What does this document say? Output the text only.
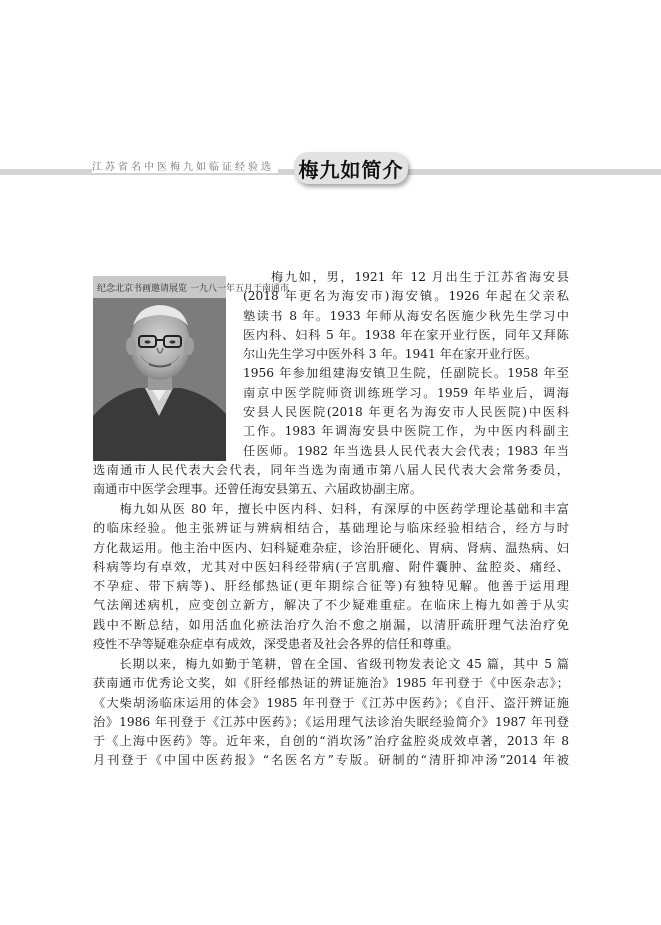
江苏省名中医梅九如临证经验选 梅九如简介
纪念北京书画邀请展览 一九八一年五月于南通市
　　梅九如，男，1921 年 12 月出生于江苏省海安县
(2018 年更名为海安市)海安镇。1926 年起在父亲私
塾读书 8 年。1933 年师从海安名医施少秋先生学习中
医内科、妇科 5 年。1938 年在家开业行医，同年又拜陈
尔山先生学习中医外科 3 年。1941 年在家开业行医。
1956 年参加组建海安镇卫生院，任副院长。1958 年至
南京中医学院师资训练班学习。1959 年毕业后，调海
安县人民医院(2018 年更名为海安市人民医院)中医科
工作。1983 年调海安县中医院工作，为中医内科副主
任医师。1982 年当选县人民代表大会代表；1983 年当
选南通市人民代表大会代表，同年当选为南通市第八届人民代表大会常务委员，
南通市中医学会理事。还曾任海安县第五、六届政协副主席。
　　梅九如从医 80 年，擅长中医内科、妇科，有深厚的中医药学理论基础和丰富
的临床经验。他主张辨证与辨病相结合，基础理论与临床经验相结合，经方与时
方化裁运用。他主治中医内、妇科疑难杂症，诊治肝硬化、胃病、肾病、温热病、妇
科病等均有卓效，尤其对中医妇科经带病(子宫肌瘤、附件囊肿、盆腔炎、痛经、
不孕症、带下病等)、肝经郁热证(更年期综合征等)有独特见解。他善于运用理
气法阐述病机，应变创立新方，解决了不少疑难重症。在临床上梅九如善于从实
践中不断总结，如用活血化瘀法治疗久治不愈之崩漏，以清肝疏肝理气法治疗免
疫性不孕等疑难杂症卓有成效，深受患者及社会各界的信任和尊重。
　　长期以来，梅九如勤于笔耕，曾在全国、省级刊物发表论文 45 篇，其中 5 篇
获南通市优秀论文奖，如《肝经郁热证的辨证施治》1985 年刊登于《中医杂志》；
《大柴胡汤临床运用的体会》1985 年刊登于《江苏中医药》；《自汗、盗汗辨证施
治》1986 年刊登于《江苏中医药》；《运用理气法诊治失眠经验简介》1987 年刊登
于《上海中医药》等。近年来，自创的“消坎汤”治疗盆腔炎成效卓著，2013 年 8
月刊登于《中国中医药报》“名医名方”专版。研制的“清肝抑冲汤”2014 年被
